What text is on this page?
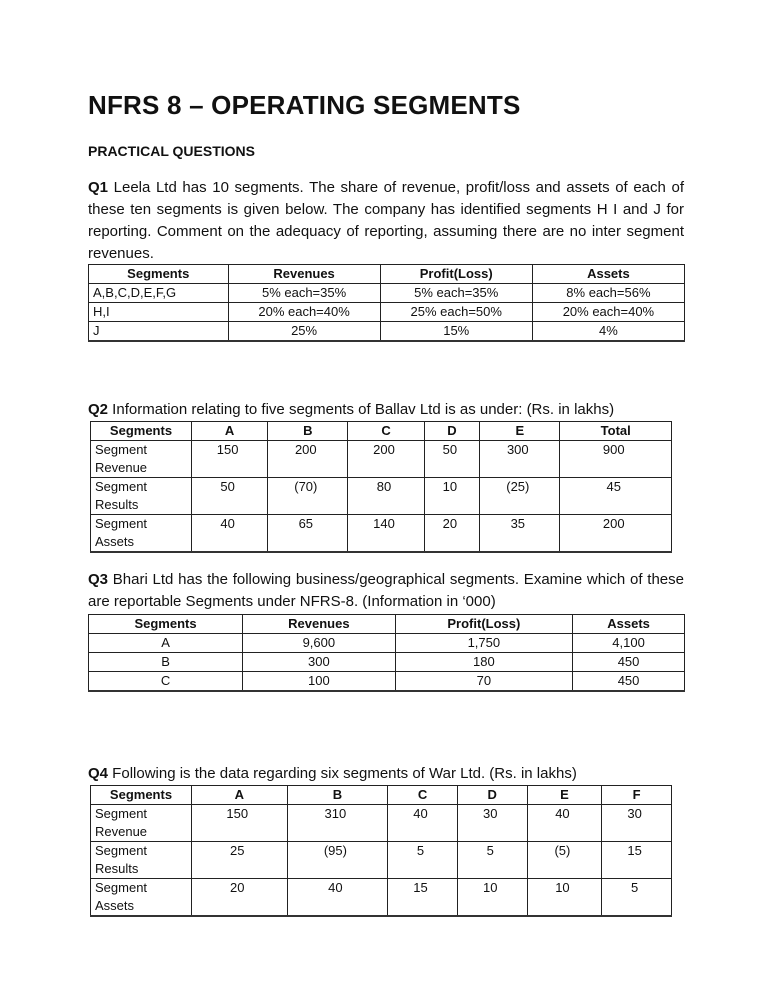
NFRS 8 – OPERATING SEGMENTS
PRACTICAL QUESTIONS
Q1 Leela Ltd has 10 segments. The share of revenue, profit/loss and assets of each of these ten segments is given below. The company has identified segments H I and J for reporting. Comment on the adequacy of reporting, assuming there are no inter segment revenues.
Segments	Revenues	Profit(Loss)	Assets
A,B,C,D,E,F,G	5% each=35%	5% each=35%	8% each=56%
H,I	20% each=40%	25% each=50%	20% each=40%
J	25%	15%	4%
Q2 Information relating to five segments of Ballav Ltd is as under: (Rs. in lakhs)
Segments	A	B	C	D	E	Total
Segment Revenue	150	200	200	50	300	900
Segment Results	50	(70)	80	10	(25)	45
Segment Assets	40	65	140	20	35	200
Q3 Bhari Ltd has the following business/geographical segments. Examine which of these are reportable Segments under NFRS-8. (Information in ‘000)
Segments	Revenues	Profit(Loss)	Assets
A	9,600	1,750	4,100
B	300	180	450
C	100	70	450
Q4 Following is the data regarding six segments of War Ltd. (Rs. in lakhs)
Segments	A	B	C	D	E	F
Segment Revenue	150	310	40	30	40	30
Segment Results	25	(95)	5	5	(5)	15
Segment Assets	20	40	15	10	10	5
